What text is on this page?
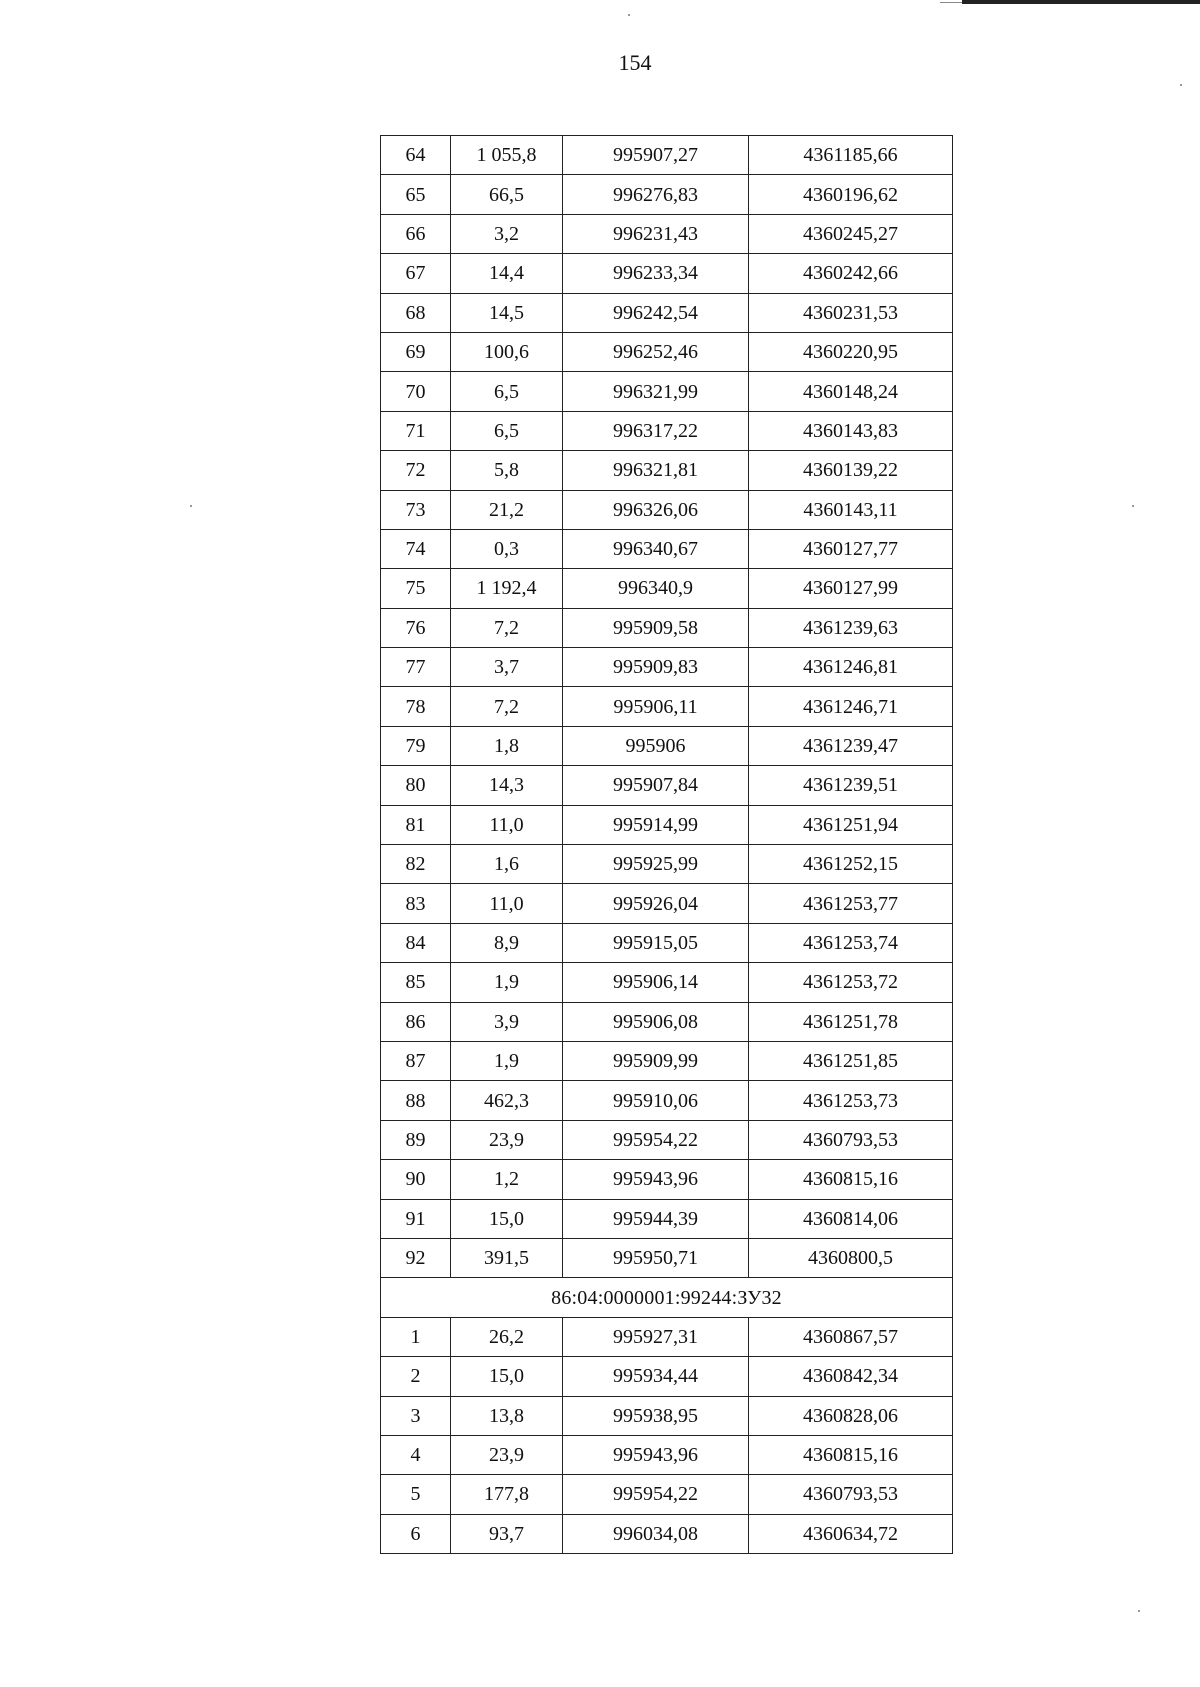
154
64	1 055,8	995907,27	4361185,66
65	66,5	996276,83	4360196,62
66	3,2	996231,43	4360245,27
67	14,4	996233,34	4360242,66
68	14,5	996242,54	4360231,53
69	100,6	996252,46	4360220,95
70	6,5	996321,99	4360148,24
71	6,5	996317,22	4360143,83
72	5,8	996321,81	4360139,22
73	21,2	996326,06	4360143,11
74	0,3	996340,67	4360127,77
75	1 192,4	996340,9	4360127,99
76	7,2	995909,58	4361239,63
77	3,7	995909,83	4361246,81
78	7,2	995906,11	4361246,71
79	1,8	995906	4361239,47
80	14,3	995907,84	4361239,51
81	11,0	995914,99	4361251,94
82	1,6	995925,99	4361252,15
83	11,0	995926,04	4361253,77
84	8,9	995915,05	4361253,74
85	1,9	995906,14	4361253,72
86	3,9	995906,08	4361251,78
87	1,9	995909,99	4361251,85
88	462,3	995910,06	4361253,73
89	23,9	995954,22	4360793,53
90	1,2	995943,96	4360815,16
91	15,0	995944,39	4360814,06
92	391,5	995950,71	4360800,5
86:04:0000001:99244:ЗУ32			
1	26,2	995927,31	4360867,57
2	15,0	995934,44	4360842,34
3	13,8	995938,95	4360828,06
4	23,9	995943,96	4360815,16
5	177,8	995954,22	4360793,53
6	93,7	996034,08	4360634,72
